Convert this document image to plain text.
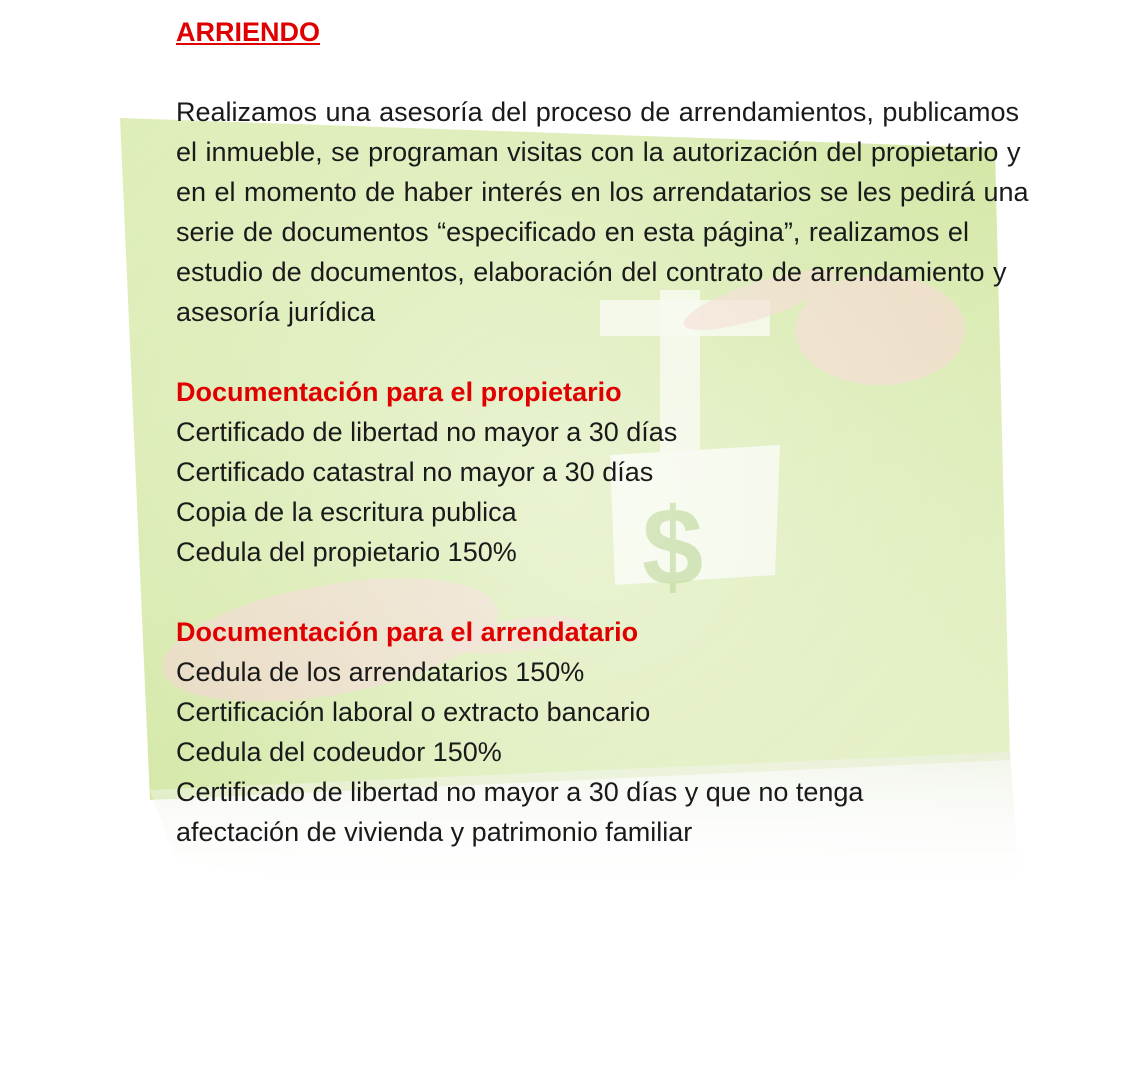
ARRIENDO

Realizamos una asesoría del proceso de arrendamientos, publicamos el inmueble, se programan visitas con la autorización del propietario y en el momento de haber interés en los arrendatarios se les pedirá una serie de documentos “especificado en esta página”, realizamos el estudio de documentos, elaboración del contrato de arrendamiento y asesoría jurídica

Documentación para el propietario
Certificado de libertad no mayor a 30 días
Certificado catastral no mayor a 30 días
Copia de la escritura publica
Cedula del propietario 150%
Documentación para el arrendatario
Cedula de los arrendatarios 150%
Certificación laboral o extracto bancario
Cedula del codeudor 150%
Certificado de libertad no mayor a 30 días y que no tenga afectación de vivienda y patrimonio familiar
